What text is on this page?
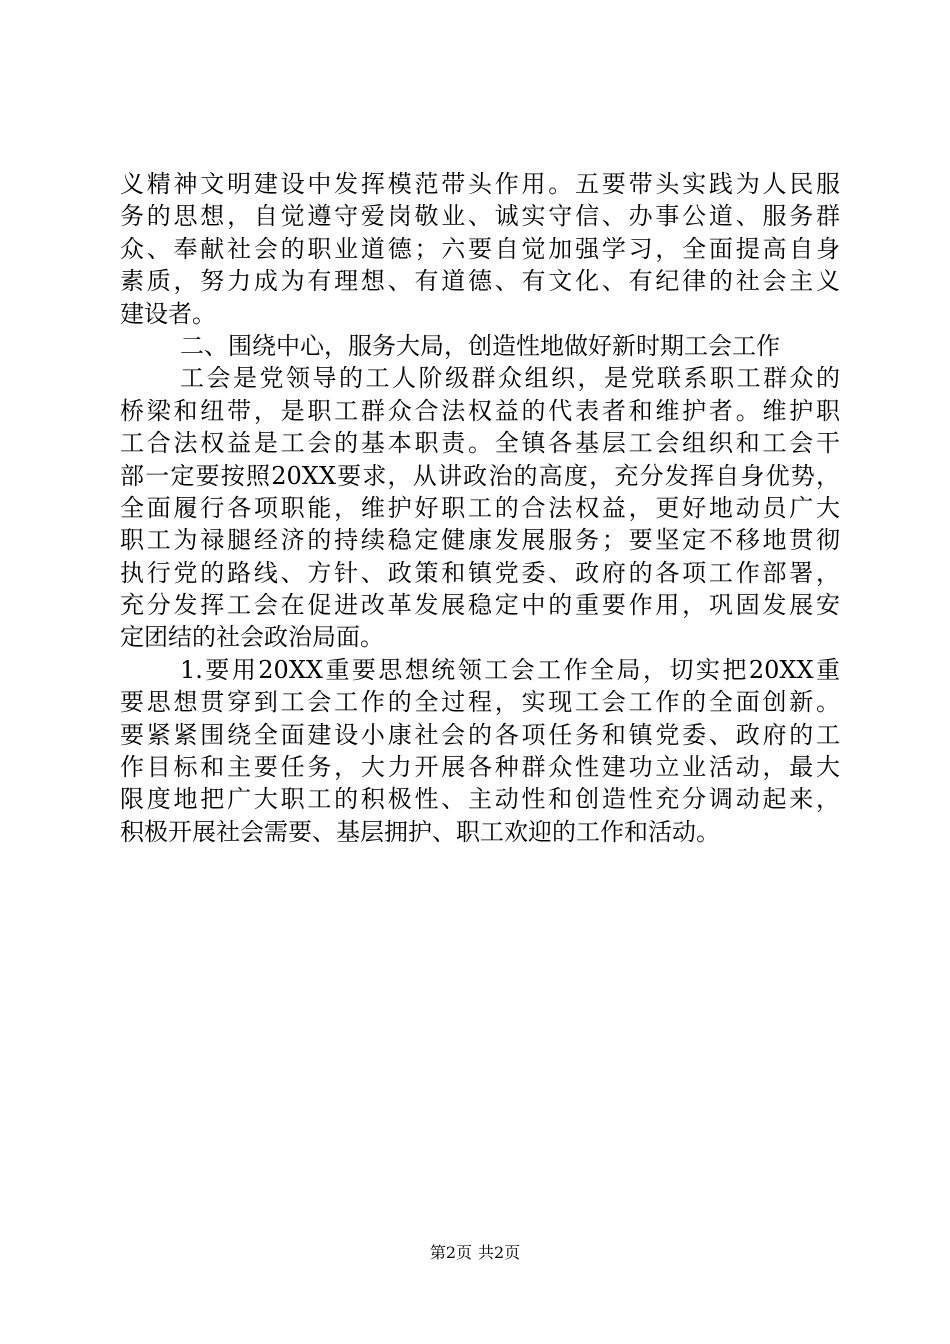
义精神文明建设中发挥模范带头作用。五要带头实践为人民服
务的思想，自觉遵守爱岗敬业、诚实守信、办事公道、服务群
众、奉献社会的职业道德；六要自觉加强学习，全面提高自身
素质，努力成为有理想、有道德、有文化、有纪律的社会主义
建设者。
二、围绕中心，服务大局，创造性地做好新时期工会工作
工会是党领导的工人阶级群众组织，是党联系职工群众的
桥梁和纽带，是职工群众合法权益的代表者和维护者。维护职
工合法权益是工会的基本职责。全镇各基层工会组织和工会干
部一定要按照20XX要求，从讲政治的高度，充分发挥自身优势，
全面履行各项职能，维护好职工的合法权益，更好地动员广大
职工为禄腿经济的持续稳定健康发展服务；要坚定不移地贯彻
执行党的路线、方针、政策和镇党委、政府的各项工作部署，
充分发挥工会在促进改革发展稳定中的重要作用，巩固发展安
定团结的社会政治局面。
1.要用20XX重要思想统领工会工作全局，切实把20XX重
要思想贯穿到工会工作的全过程，实现工会工作的全面创新。
要紧紧围绕全面建设小康社会的各项任务和镇党委、政府的工
作目标和主要任务，大力开展各种群众性建功立业活动，最大
限度地把广大职工的积极性、主动性和创造性充分调动起来，
积极开展社会需要、基层拥护、职工欢迎的工作和活动。
第2页 共2页
